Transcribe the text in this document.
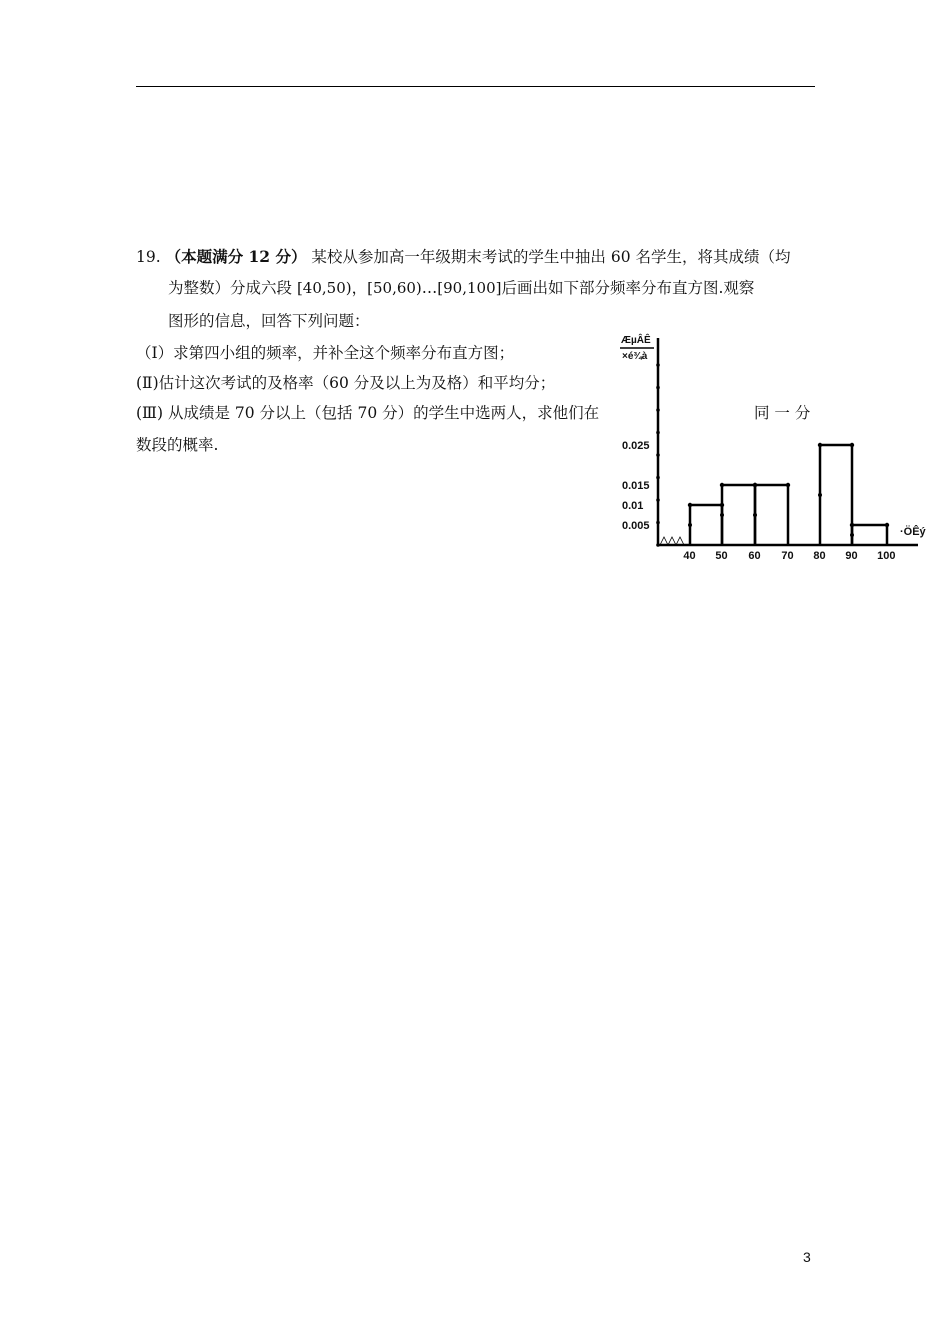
19. （本题满分 12 分） 某校从参加高一年级期末考试的学生中抽出 60 名学生，将其成绩（均
为整数）分成六段 [40,50)，[50,60)…[90,100]后画出如下部分频率分布直方图.观察
图形的信息，回答下列问题：
（Ⅰ）求第四小组的频率，并补全这个频率分布直方图；
(Ⅱ)估计这次考试的及格率（60 分及以上为及格）和平均分；
(Ⅲ) 从成绩是 70 分以上（包括 70 分）的学生中选两人，求他们在	同 一 分
数段的概率.
ÆµÂÊ
×é¾à
0.025
0.015
0.01
0.005
40 50 60 70 80 90 100
·ÖÊý
3
